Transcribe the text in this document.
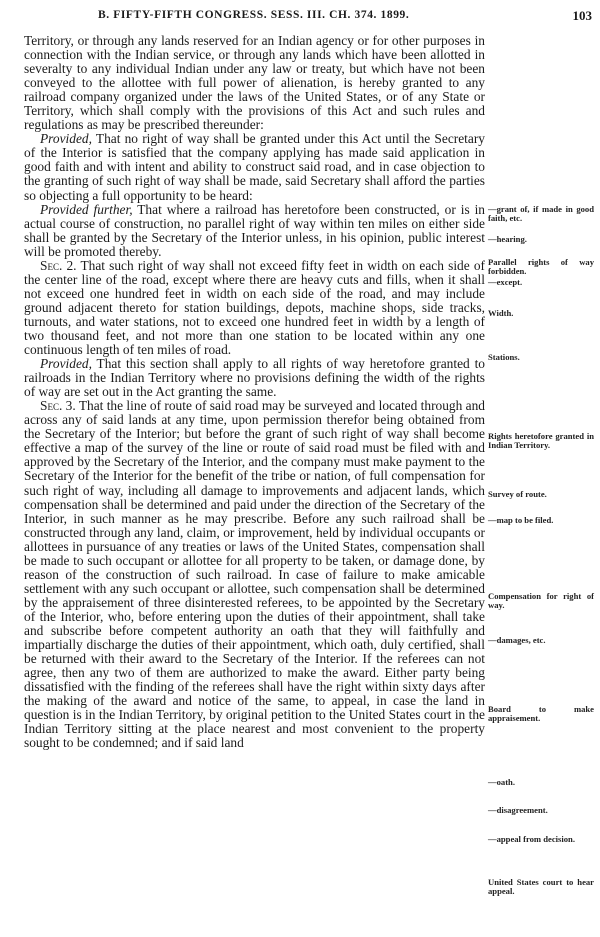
B. FIFTY-FIFTH CONGRESS. SESS. III. CH. 374. 1899.	103

Territory, or through any lands reserved for an Indian agency or for other purposes in connection with the Indian service, or through any lands which have been allotted in severalty to any individual Indian under any law or treaty, but which have not been conveyed to the allottee with full power of alienation, is hereby granted to any railroad company organized under the laws of the United States, or of any State or Territory, which shall comply with the provisions of this Act and such rules and regulations as may be prescribed thereunder:

Provided, That no right of way shall be granted under this Act until the Secretary of the Interior is satisfied that the company applying has made said application in good faith and with intent and ability to construct said road, and in case objection to the granting of such right of way shall be made, said Secretary shall afford the parties so objecting a full opportunity to be heard:

Provided further, That where a railroad has heretofore been constructed, or is in actual course of construction, no parallel right of way within ten miles on either side shall be granted by the Secretary of the Interior unless, in his opinion, public interest will be promoted thereby.

Sec. 2. That such right of way shall not exceed fifty feet in width on each side of the center line of the road, except where there are heavy cuts and fills, when it shall not exceed one hundred feet in width on each side of the road, and may include ground adjacent thereto for station buildings, depots, machine shops, side tracks, turnouts, and water stations, not to exceed one hundred feet in width by a length of two thousand feet, and not more than one station to be located within any one continuous length of ten miles of road.

Provided, That this section shall apply to all rights of way heretofore granted to railroads in the Indian Territory where no provisions defining the width of the rights of way are set out in the Act granting the same.

Sec. 3. That the line of route of said road may be surveyed and located through and across any of said lands at any time, upon permission therefor being obtained from the Secretary of the Interior; but before the grant of such right of way shall become effective a map of the survey of the line or route of said road must be filed with and approved by the Secretary of the Interior, and the company must make payment to the Secretary of the Interior for the benefit of the tribe or nation, of full compensation for such right of way, including all damage to improvements and adjacent lands, which compensation shall be determined and paid under the direction of the Secretary of the Interior, in such manner as he may prescribe. Before any such railroad shall be constructed through any land, claim, or improvement, held by individual occupants or allottees in pursuance of any treaties or laws of the United States, compensation shall be made to such occupant or allottee for all property to be taken, or damage done, by reason of the construction of such railroad. In case of failure to make amicable settlement with any such occupant or allottee, such compensation shall be determined by the appraisement of three disinterested referees, to be appointed by the Secretary of the Interior, who, before entering upon the duties of their appointment, shall take and subscribe before competent authority an oath that they will faithfully and impartially discharge the duties of their appointment, which oath, duly certified, shall be returned with their award to the Secretary of the Interior. If the referees can not agree, then any two of them are authorized to make the award. Either party being dissatisfied with the finding of the referees shall have the right within sixty days after the making of the award and notice of the same, to appeal, in case the land in question is in the Indian Territory, by original petition to the United States court in the Indian Territory sitting at the place nearest and most convenient to the property sought to be condemned; and if said land

—grant of, if made in good faith, etc.
—hearing.
Parallel rights of way forbidden.
—except.
Width.
Stations.
Rights heretofore granted in Indian Territory.
Survey of route.
—map to be filed.
Compensation for right of way.
—damages, etc.
Board to make appraisement.
—oath.
—disagreement.
—appeal from decision.
United States court to hear appeal.
